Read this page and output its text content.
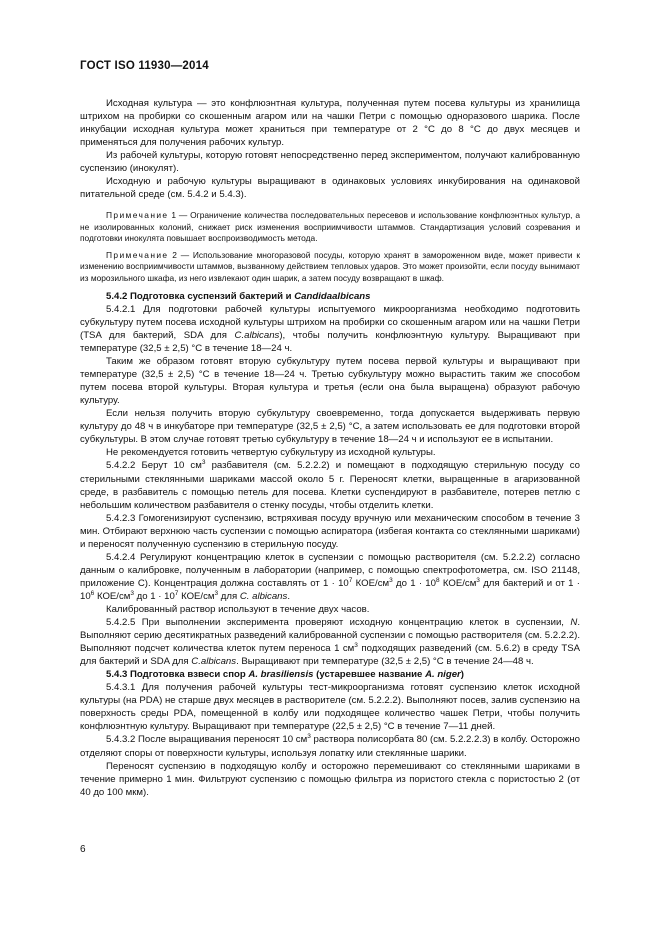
ГОСТ ISO 11930—2014

Исходная культура — это конфлюэнтная культура, полученная путем посева культуры из хранилища штрихом на пробирки со скошенным агаром или на чашки Петри с помощью одноразового шарика. После инкубации исходная культура может храниться при температуре от 2 °С до 8 °С до двух месяцев и применяться для получения рабочих культур.

Из рабочей культуры, которую готовят непосредственно перед экспериментом, получают калиброванную суспензию (инокулят).

Исходную и рабочую культуры выращивают в одинаковых условиях инкубирования на одинаковой питательной среде (см. 5.4.2 и 5.4.3).

Примечание 1 — Ограничение количества последовательных пересевов и использование конфлюэнтных культур, а не изолированных колоний, снижает риск изменения восприимчивости штаммов. Стандартизация условий созревания и подготовки инокулята повышает воспроизводимость метода.

Примечание 2 — Использование многоразовой посуды, которую хранят в замороженном виде, может привести к изменению восприимчивости штаммов, вызванному действием тепловых ударов. Это может произойти, если посуду вынимают из морозильного шкафа, из него извлекают один шарик, а затем посуду возвращают в шкаф.

5.4.2 Подготовка суспензий бактерий и Candidaalbicans

5.4.2.1 Для подготовки рабочей культуры испытуемого микроорганизма необходимо подготовить субкультуру путем посева исходной культуры штрихом на пробирки со скошенным агаром или на чашки Петри (TSA для бактерий, SDA для C.albicans), чтобы получить конфлюэнтную культуру. Выращивают при температуре (32,5 ± 2,5) °С в течение 18—24 ч.

Таким же образом готовят вторую субкультуру путем посева первой культуры и выращивают при температуре (32,5 ± 2,5) °С в течение 18—24 ч. Третью субкультуру можно вырастить таким же способом путем посева второй культуры. Вторая культура и третья (если она была выращена) образуют рабочую культуру.

Если нельзя получить вторую субкультуру своевременно, тогда допускается выдерживать первую культуру до 48 ч в инкубаторе при температуре (32,5 ± 2,5) °С, а затем использовать ее для подготовки второй субкультуры. В этом случае готовят третью субкультуру в течение 18—24 ч и используют ее в испытании.

Не рекомендуется готовить четвертую субкультуру из исходной культуры.

5.4.2.2 Берут 10 $см^3$ разбавителя (см. 5.2.2.2) и помещают в подходящую стерильную посуду со стерильными стеклянными шариками массой около 5 г. Переносят клетки, выращенные в агаризованной среде, в разбавитель с помощью петель для посева. Клетки суспендируют в разбавителе, потерев петлю с небольшим количеством разбавителя о стенку посуды, чтобы отделить клетки.

5.4.2.3 Гомогенизируют суспензию, встряхивая посуду вручную или механическим способом в течение 3 мин. Отбирают верхнюю часть суспензии с помощью аспиратора (избегая контакта со стеклянными шариками) и переносят полученную суспензию в стерильную посуду.

5.4.2.4 Регулируют концентрацию клеток в суспензии с помощью растворителя (см. 5.2.2.2) согласно данным о калибровке, полученным в лаборатории (например, с помощью спектрофотометра, см. ISO 21148, приложение С). Концентрация должна составлять от $1 \cdot 10^7$ КОЕ/$см^3$ до $1 \cdot 10^8$ КОЕ/$см^3$ для бактерий и от $1 \cdot 10^6$ КОЕ/$см^3$ до $1 \cdot 10^7$ КОЕ/$см^3$ для C. albicans.

Калиброванный раствор используют в течение двух часов.

5.4.2.5 При выполнении эксперимента проверяют исходную концентрацию клеток в суспензии, N. Выполняют серию десятикратных разведений калиброванной суспензии с помощью растворителя (см. 5.2.2.2). Выполняют подсчет количества клеток путем переноса 1 $см^3$ подходящих разведений (см. 5.6.2) в среду TSA для бактерий и SDA для C.albicans. Выращивают при температуре (32,5 ± 2,5) °С в течение 24—48 ч.

5.4.3 Подготовка взвеси спор A. brasiliensis (устаревшее название A. niger)

5.4.3.1 Для получения рабочей культуры тест-микроорганизма готовят суспензию клеток исходной культуры (на PDA) не старше двух месяцев в растворителе (см. 5.2.2.2). Выполняют посев, залив суспензию на поверхность среды PDA, помещенной в колбу или подходящее количество чашек Петри, чтобы получить конфлюэнтную культуру. Выращивают при температуре (22,5 ± 2,5) °С в течение 7—11 дней.

5.4.3.2 После выращивания переносят 10 $см^3$ раствора полисорбата 80 (см. 5.2.2.2.3) в колбу. Осторожно отделяют споры от поверхности культуры, используя лопатку или стеклянные шарики.

Переносят суспензию в подходящую колбу и осторожно перемешивают со стеклянными шариками в течение примерно 1 мин. Фильтруют суспензию с помощью фильтра из пористого стекла с пористостью 2 (от 40 до 100 мкм).

6
